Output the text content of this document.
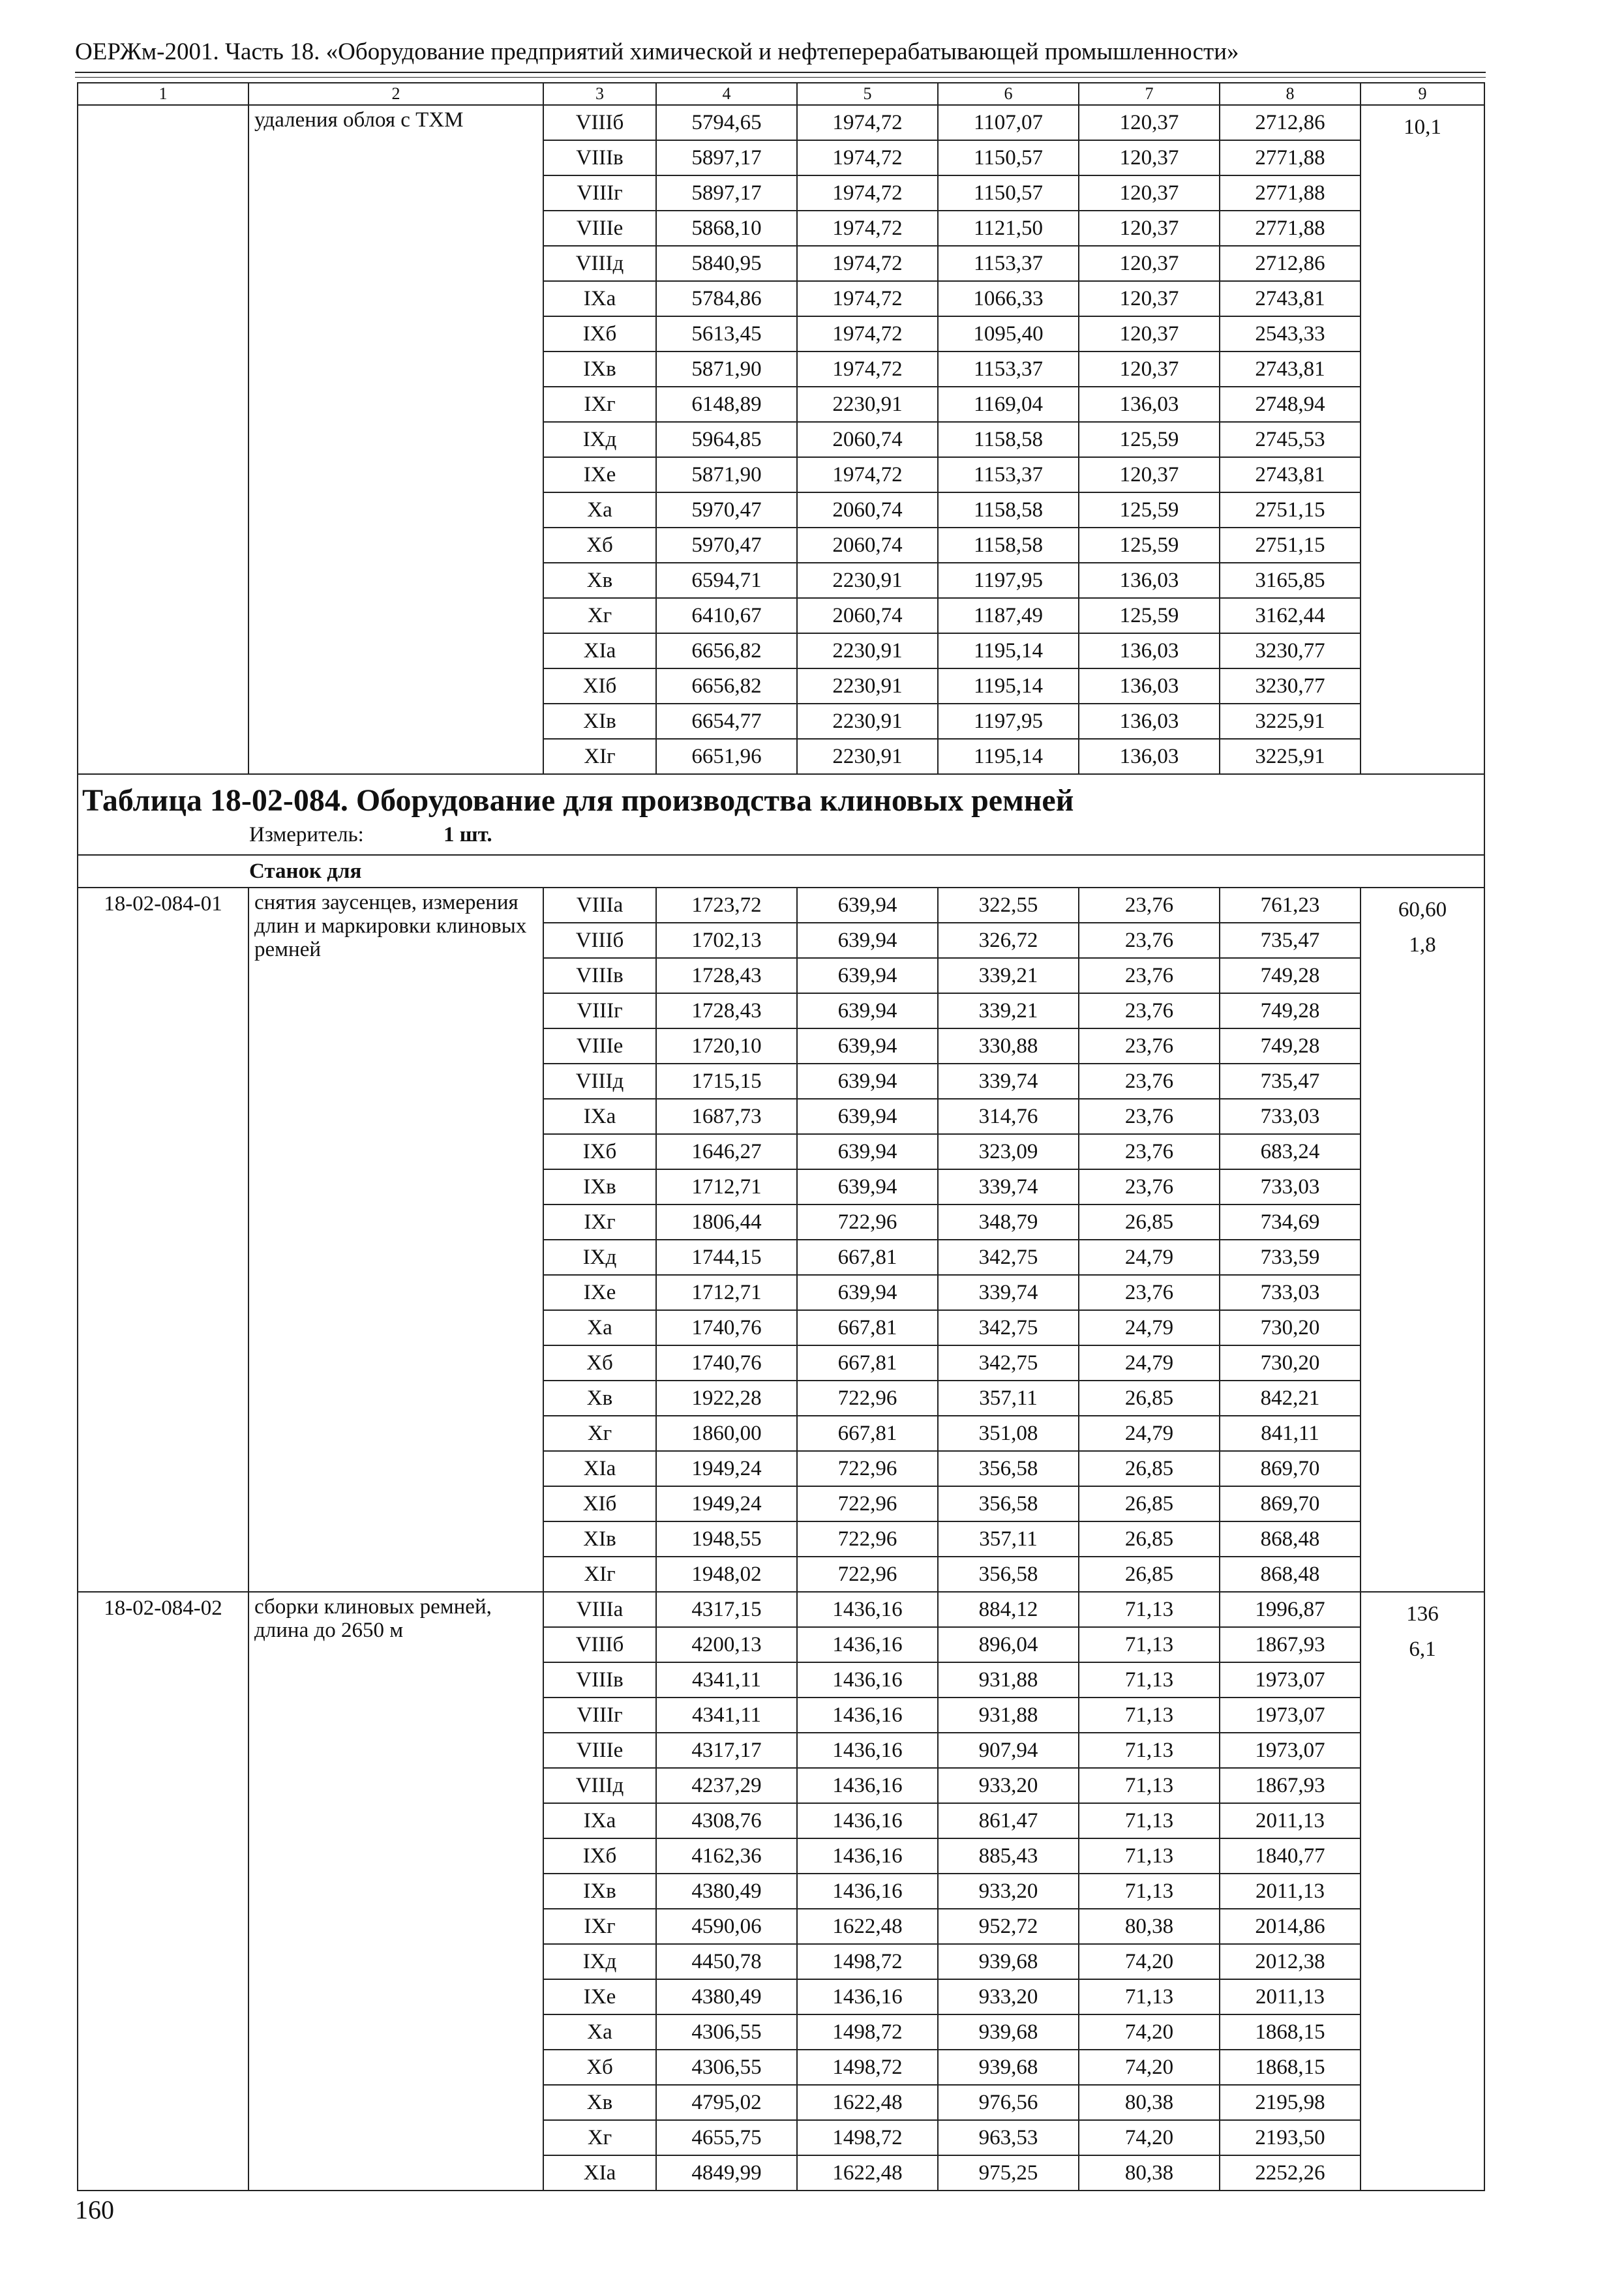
ОЕРЖм-2001. Часть 18. «Оборудование предприятий химической и нефтеперерабатывающей промышленности»
1	2	3	4	5	6	7	8	9
	удаления облоя с ТХМ	VIIIб	5794,65	1974,72	1107,07	120,37	2712,86	10,1

		VIIIв	5897,17	1974,72	1150,57	120,37	2771,88	
		VIIIг	5897,17	1974,72	1150,57	120,37	2771,88	
		VIIIе	5868,10	1974,72	1121,50	120,37	2771,88	
		VIIIд	5840,95	1974,72	1153,37	120,37	2712,86	
		IXа	5784,86	1974,72	1066,33	120,37	2743,81	
		IXб	5613,45	1974,72	1095,40	120,37	2543,33	
		IXв	5871,90	1974,72	1153,37	120,37	2743,81	
		IXг	6148,89	2230,91	1169,04	136,03	2748,94	
		IXд	5964,85	2060,74	1158,58	125,59	2745,53	
		IXе	5871,90	1974,72	1153,37	120,37	2743,81	
		Xа	5970,47	2060,74	1158,58	125,59	2751,15	
		Xб	5970,47	2060,74	1158,58	125,59	2751,15	
		Xв	6594,71	2230,91	1197,95	136,03	3165,85	
		Xг	6410,67	2060,74	1187,49	125,59	3162,44	
		XIа	6656,82	2230,91	1195,14	136,03	3230,77	
		XIб	6656,82	2230,91	1195,14	136,03	3230,77	
		XIв	6654,77	2230,91	1197,95	136,03	3225,91	
		XIг	6651,96	2230,91	1195,14	136,03	3225,91	

Таблица 18-02-084. Оборудование для производства клиновых ремней
Измеритель: 1 шт.								

Станок для								

18-02-084-01	снятия заусенцев, измерения длин и маркировки клиновых ремней	VIIIа	1723,72	639,94	322,55	23,76	761,23	60,60
1,8

		VIIIб	1702,13	639,94	326,72	23,76	735,47	
		VIIIв	1728,43	639,94	339,21	23,76	749,28	
		VIIIг	1728,43	639,94	339,21	23,76	749,28	
		VIIIе	1720,10	639,94	330,88	23,76	749,28	
		VIIIд	1715,15	639,94	339,74	23,76	735,47	
		IXа	1687,73	639,94	314,76	23,76	733,03	
		IXб	1646,27	639,94	323,09	23,76	683,24	
		IXв	1712,71	639,94	339,74	23,76	733,03	
		IXг	1806,44	722,96	348,79	26,85	734,69	
		IXд	1744,15	667,81	342,75	24,79	733,59	
		IXе	1712,71	639,94	339,74	23,76	733,03	
		Xа	1740,76	667,81	342,75	24,79	730,20	
		Xб	1740,76	667,81	342,75	24,79	730,20	
		Xв	1922,28	722,96	357,11	26,85	842,21	
		Xг	1860,00	667,81	351,08	24,79	841,11	
		XIа	1949,24	722,96	356,58	26,85	869,70	
		XIб	1949,24	722,96	356,58	26,85	869,70	
		XIв	1948,55	722,96	357,11	26,85	868,48	
		XIг	1948,02	722,96	356,58	26,85	868,48	
18-02-084-02	сборки клиновых ремней, длина до 2650 м	VIIIа	4317,15	1436,16	884,12	71,13	1996,87	136
6,1

		VIIIб	4200,13	1436,16	896,04	71,13	1867,93	
		VIIIв	4341,11	1436,16	931,88	71,13	1973,07	
		VIIIг	4341,11	1436,16	931,88	71,13	1973,07	
		VIIIе	4317,17	1436,16	907,94	71,13	1973,07	
		VIIIд	4237,29	1436,16	933,20	71,13	1867,93	
		IXа	4308,76	1436,16	861,47	71,13	2011,13	
		IXб	4162,36	1436,16	885,43	71,13	1840,77	
		IXв	4380,49	1436,16	933,20	71,13	2011,13	
		IXг	4590,06	1622,48	952,72	80,38	2014,86	
		IXд	4450,78	1498,72	939,68	74,20	2012,38	
		IXе	4380,49	1436,16	933,20	71,13	2011,13	
		Xа	4306,55	1498,72	939,68	74,20	1868,15	
		Xб	4306,55	1498,72	939,68	74,20	1868,15	
		Xв	4795,02	1622,48	976,56	80,38	2195,98	
		Xг	4655,75	1498,72	963,53	74,20	2193,50	
		XIа	4849,99	1622,48	975,25	80,38	2252,26	
160
